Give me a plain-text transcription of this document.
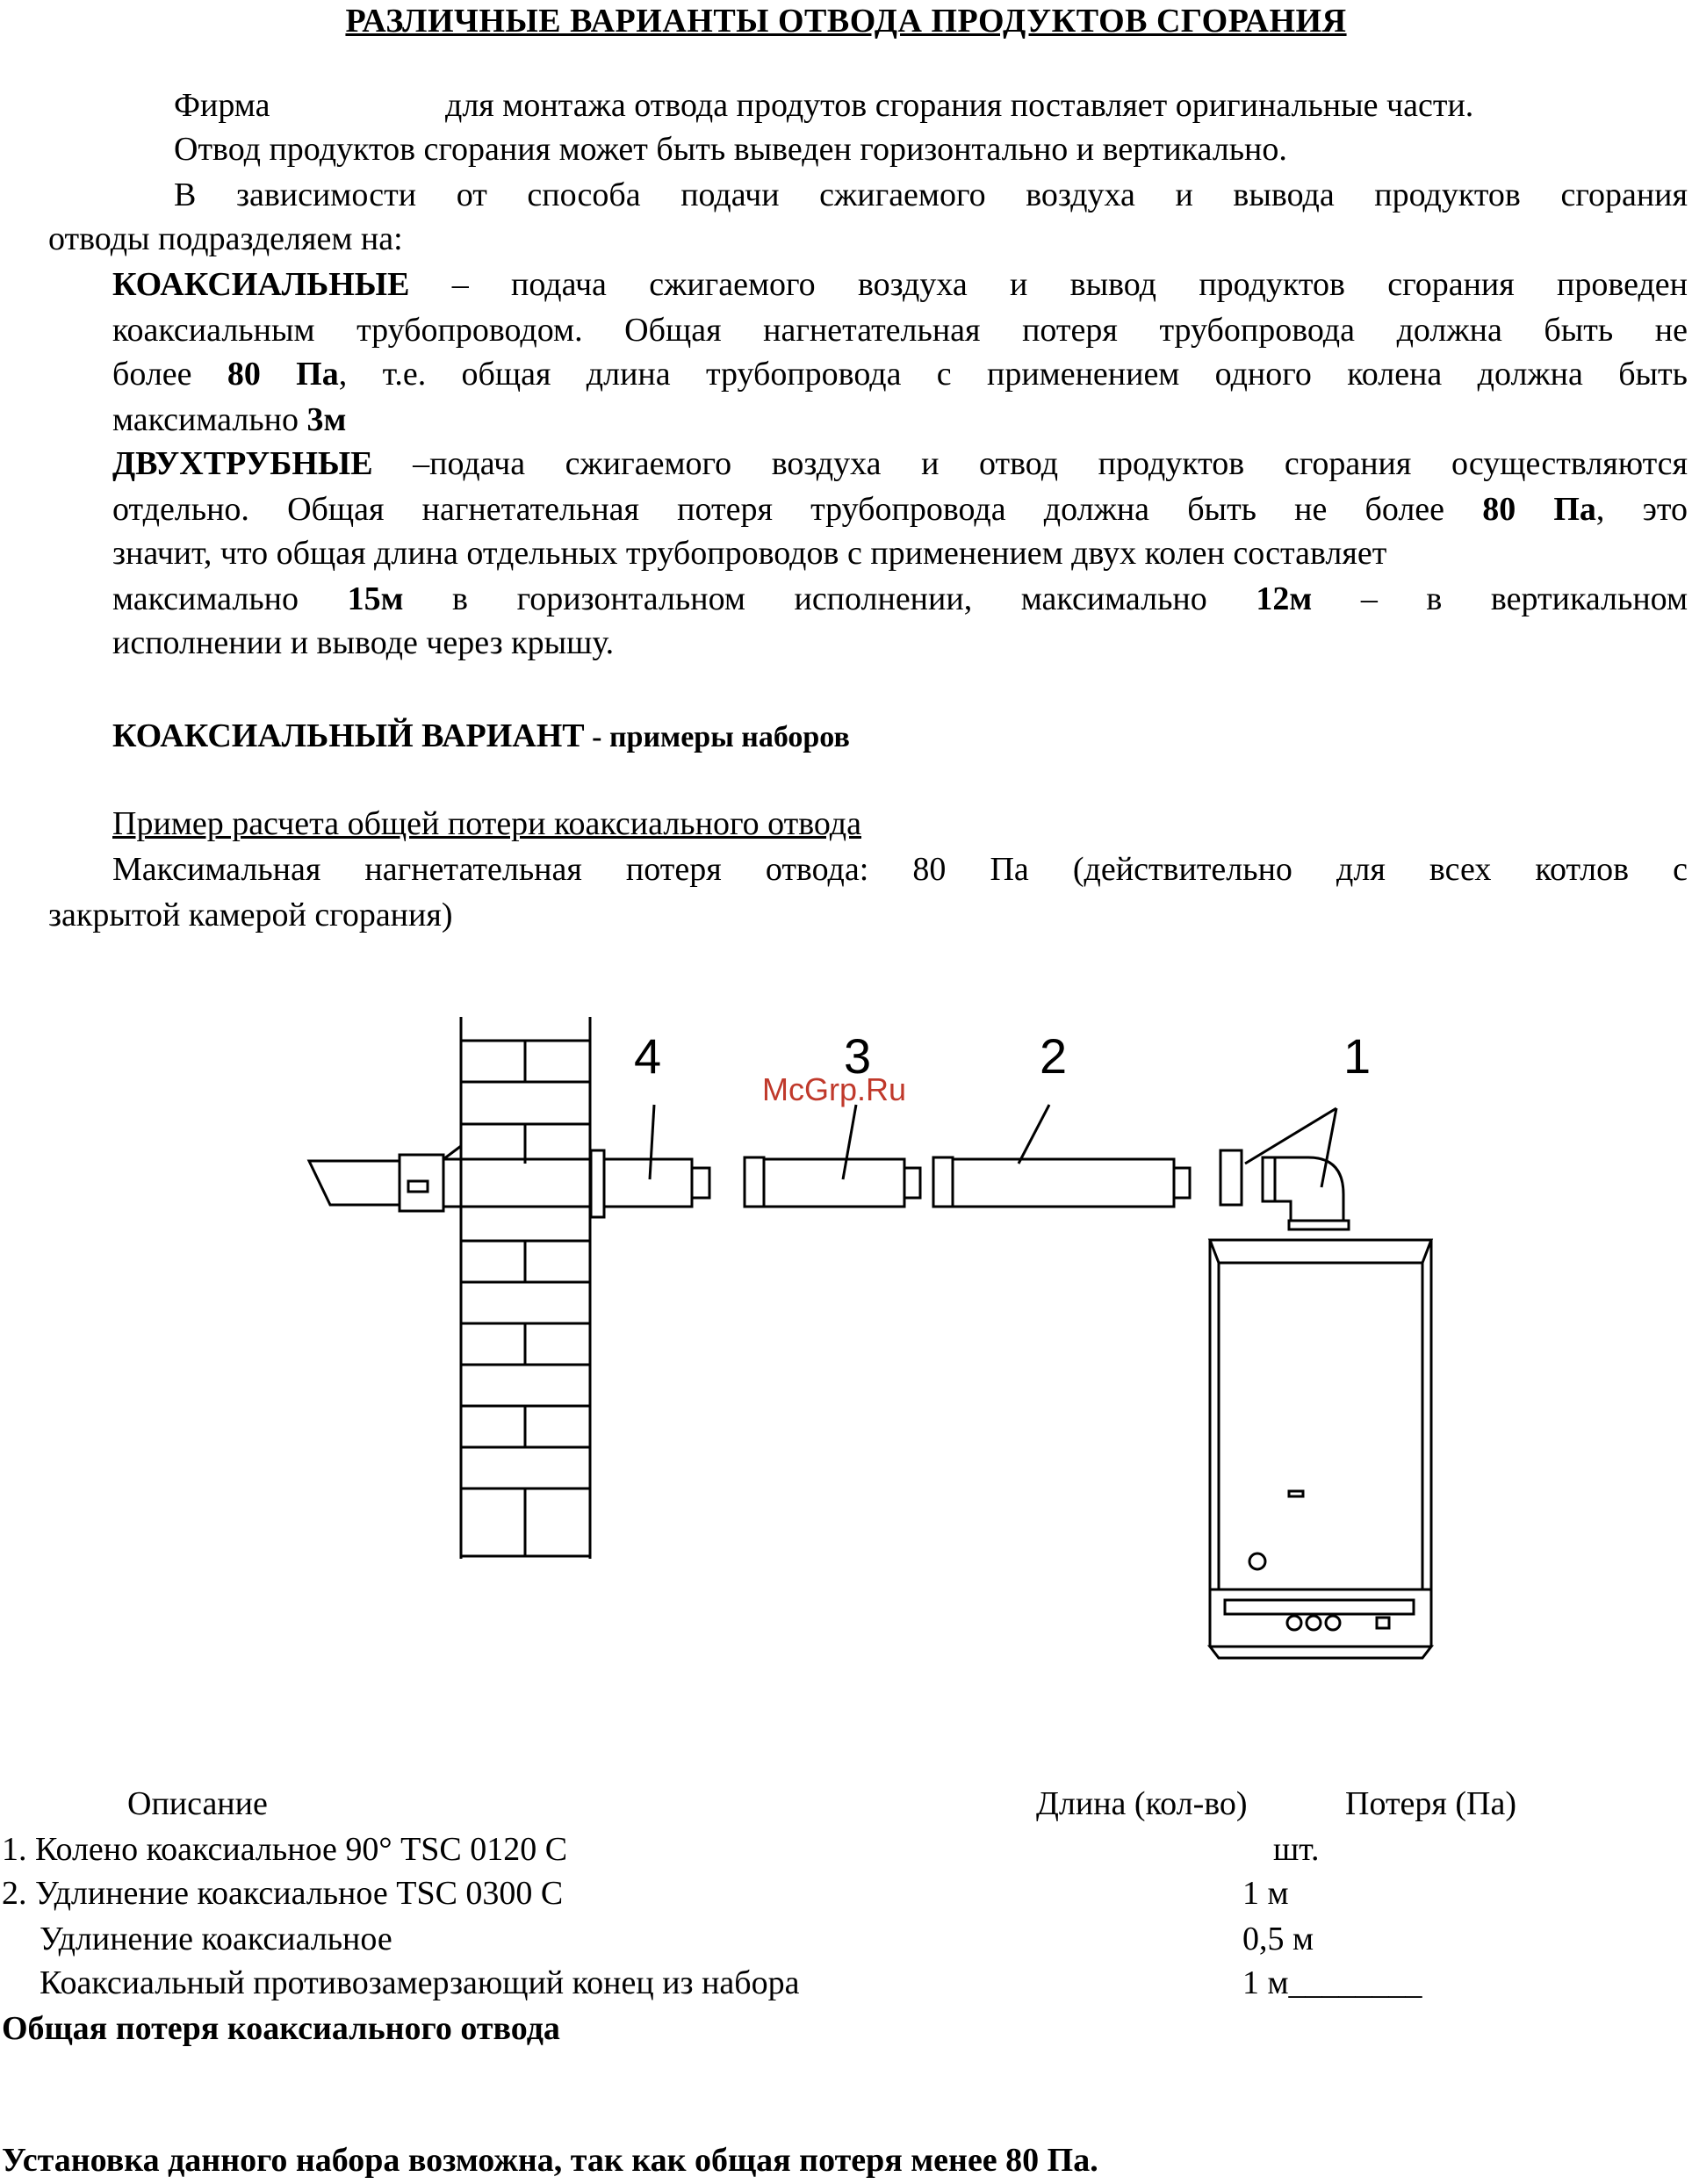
РАЗЛИЧНЫЕ ВАРИАНТЫ ОТВОДА ПРОДУКТОВ СГОРАНИЯ
Фирма	для монтажа отвода продутов сгорания поставляет оригинальные части.
Отвод продуктов сгорания может быть выведен горизонтально и вертикально.
В зависимости от способа подачи сжигаемого воздуха и вывода продуктов сгорания
отводы подразделяем на:
КОАКСИАЛЬНЫЕ – подача сжигаемого воздуха и вывод продуктов сгорания проведен
коаксиальным трубопроводом. Общая нагнетательная потеря трубопровода должна быть не
более 80 Па, т.е. общая длина трубопровода с применением одного колена должна быть
максимально 3м
ДВУХТРУБНЫЕ –подача сжигаемого воздуха и отвод продуктов сгорания осуществляются
отдельно. Общая нагнетательная потеря трубопровода должна быть не более 80 Па, это
значит, что общая длина отдельных трубопроводов с применением двух колен составляет
максимально 15м в горизонтальном исполнении, максимально 12м – в вертикальном
исполнении и выводе через крышу.
КОАКСИАЛЬНЫЙ ВАРИАНТ - примеры наборов
Пример расчета общей потери коаксиального отвода
Максимальная нагнетательная потеря отвода: 80 Па (действительно для всех котлов с
закрытой камерой сгорания)
4	3	2	1
McGrp.Ru
Описание	Длина (кол-во)	Потеря (Па)
1. Колено коаксиальное 90° TSC 0120 C	шт.
2. Удлинение коаксиальное TSC 0300 C	1 м
Удлинение коаксиальное	0,5 м
Коаксиальный противозамерзающий конец из набора	1 м________
Общая потеря коаксиального отвода
Установка данного набора возможна, так как общая потеря менее 80 Па.
